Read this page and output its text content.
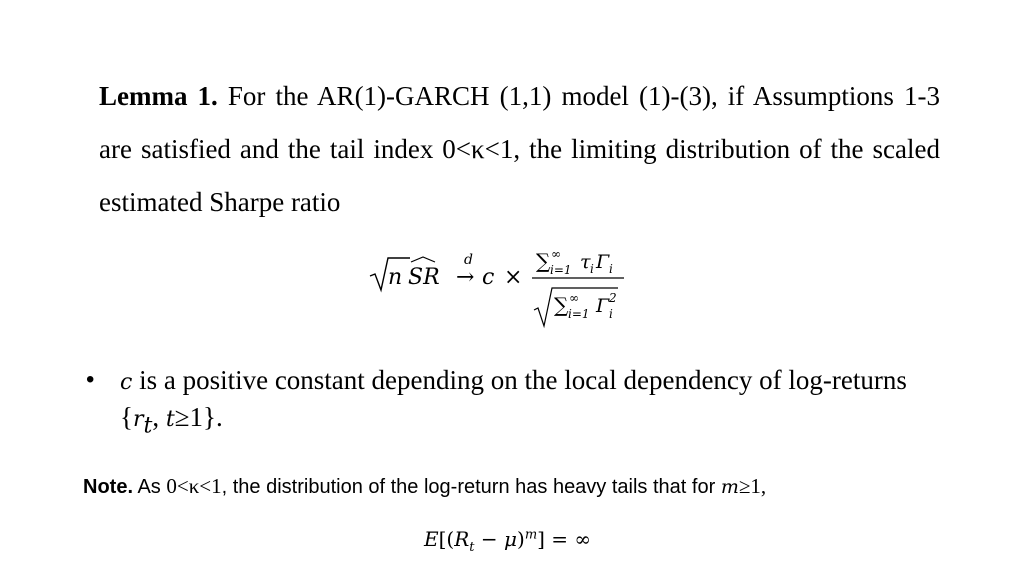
Lemma 1. For the AR(1)-GARCH (1,1) model (1)-(3), if Assumptions 1-3 are satisfied and the tail index 0<κ<1, the limiting distribution of the scaled estimated Sharpe ratio
n SR
d
→ c ×
∑ i=1
∞ τ i Γ i
∑ i=1
∞ Γ i
2
• c is a positive constant depending on the local dependency of log-returns {$r_t$, t≥1}.
Note. As 0<κ<1, the distribution of the log-return has heavy tails that for m≥1,
$E[(R_t - \mu)^m]$ = ∞
